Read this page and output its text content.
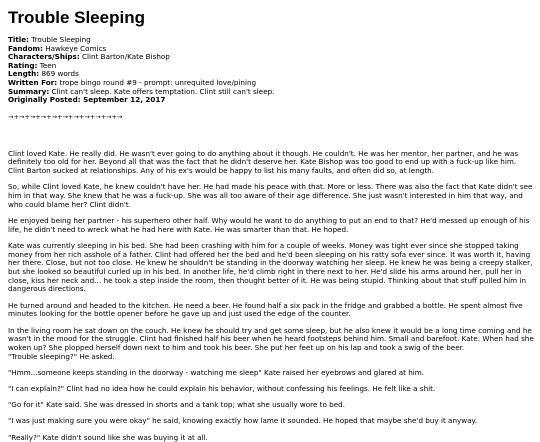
Trouble Sleeping
Title: Trouble Sleeping
Fandom: Hawkeye Comics
Characters/Ships: Clint Barton/Kate Bishop
Rating: Teen
Length: 869 words
Written For: trope bingo round #9 - prompt: unrequited love/pining
Summary: Clint can't sleep. Kate offers temptation. Clint still can't sleep.
Originally Posted: September 12, 2017
→+→+→+→+→+→+→+→+→+→+→

Clint loved Kate. He really did. He wasn't ever going to do anything about it though. He couldn't. He was her mentor, her partner, and he was definitely too old for her. Beyond all that was the fact that he didn't deserve her. Kate Bishop was too good to end up with a fuck-up like him. Clint Barton sucked at relationships. Any of his ex's would be happy to list his many faults, and often did so, at length.

So, while Clint loved Kate, he knew couldn't have her. He had made his peace with that. More or less. There was also the fact that Kate didn't see him in that way. She knew that he was a fuck-up. She was all too aware of their age difference. She just wasn't interested in him that way, and who could blame her? Clint didn't.

He enjoyed being her partner - his superhero other half. Why would he want to do anything to put an end to that? He'd messed up enough of his life, he didn't need to wreck what he had here with Kate. He was smarter than that. He hoped.

Kate was currently sleeping in his bed. She had been crashing with him for a couple of weeks. Money was tight ever since she stopped taking money from her rich asshole of a father. Clint had offered her the bed and he'd been sleeping on his ratty sofa ever since. It was worth it, having her there. Close, but not too close. He knew he shouldn't be standing in the doorway watching her sleep. He knew he was being a creepy stalker, but she looked so beautiful curled up in his bed. In another life, he'd climb right in there next to her. He'd slide his arms around her, pull her in close, kiss her neck and… he took a step inside the room, then thought better of it. He was being stupid. Thinking about that stuff pulled him in dangerous directions.

He turned around and headed to the kitchen. He need a beer. He found half a six pack in the fridge and grabbed a bottle. He spent almost five minutes looking for the bottle opener before he gave up and just used the edge of the counter.

In the living room he sat down on the couch. He knew he should try and get some sleep, but he also knew it would be a long time coming and he wasn't in the mood for the struggle. Clint had finished half his beer when he heard footsteps behind him. Small and barefoot. Kate. When had she woken up? She plopped herself down next to him and took his beer. She put her feet up on his lap and took a swig of the beer.

"Trouble sleeping?" He asked.

"Hmm...someone keeps standing in the doorway - watching me sleep" Kate raised her eyebrows and glared at him.

"I can explain?" Clint had no idea how he could explain his behavior, without confessing his feelings. He felt like a shit.

"Go for it" Kate said. She was dressed in shorts and a tank top; what she usually wore to bed.

"I was just making sure you were okay" he said, knowing exactly how lame it sounded. He hoped that maybe she'd buy it anyway.

"Really?" Kate didn't sound like she was buying it at all.
